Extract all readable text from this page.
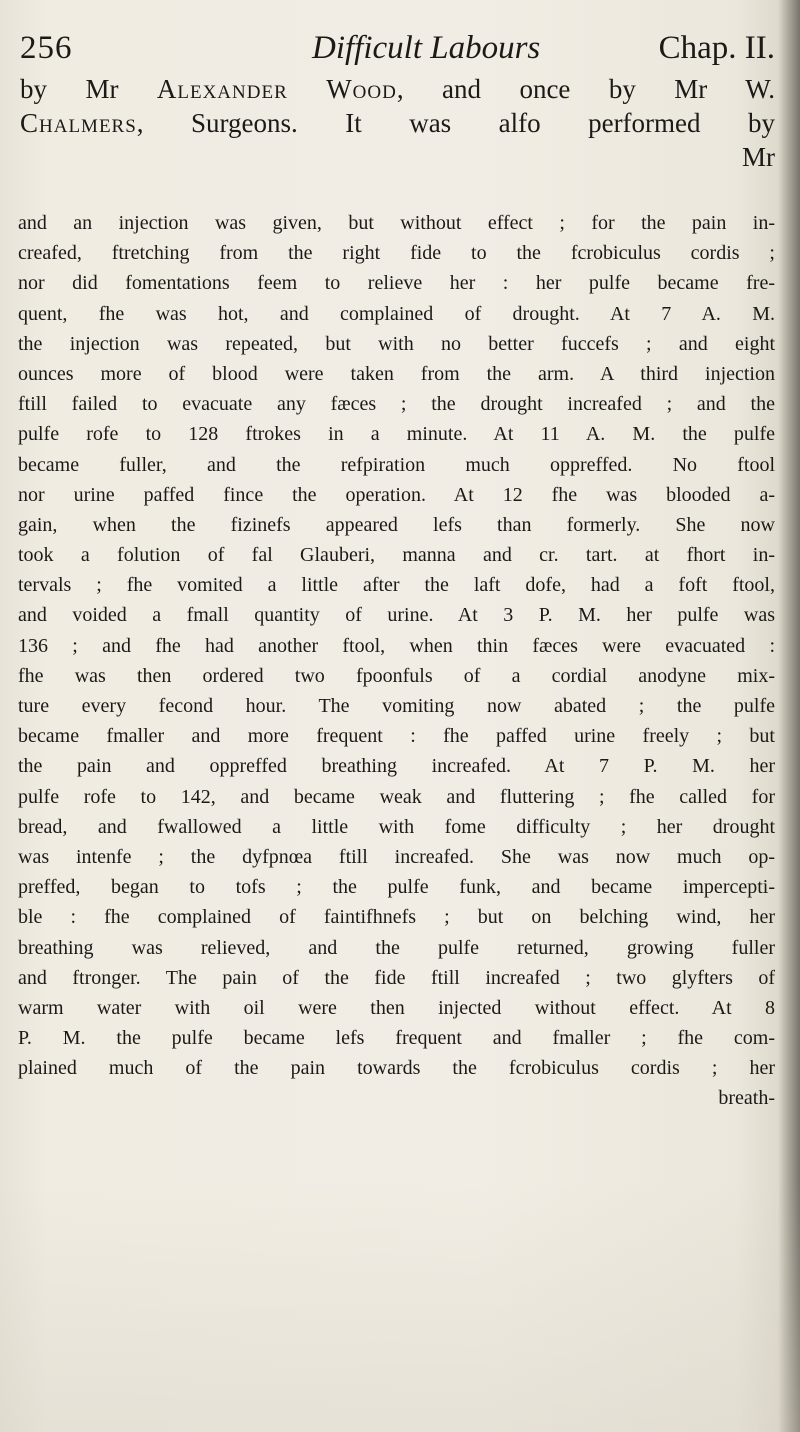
256	Difficult Labours	Chap. II.
by Mr Alexander Wood, and once by Mr W.
Chalmers, Surgeons. It was alfo performed by
Mr
and an injection was given, but without effect ; for the pain in-
creafed, ftretching from the right fide to the fcrobiculus cordis ;
nor did fomentations feem to relieve her : her pulfe became fre-
quent, fhe was hot, and complained of drought. At 7 A. M.
the injection was repeated, but with no better fuccefs ; and eight
ounces more of blood were taken from the arm. A third injection
ftill failed to evacuate any fæces ; the drought increafed ; and the
pulfe rofe to 128 ftrokes in a minute. At 11 A. M. the pulfe
became fuller, and the refpiration much oppreffed. No ftool
nor urine paffed fince the operation. At 12 fhe was blooded a-
gain, when the fizinefs appeared lefs than formerly. She now
took a folution of fal Glauberi, manna and cr. tart. at fhort in-
tervals ; fhe vomited a little after the laft dofe, had a foft ftool,
and voided a fmall quantity of urine. At 3 P. M. her pulfe was
136 ; and fhe had another ftool, when thin fæces were evacuated :
fhe was then ordered two fpoonfuls of a cordial anodyne mix-
ture every fecond hour. The vomiting now abated ; the pulfe
became fmaller and more frequent : fhe paffed urine freely ; but
the pain and oppreffed breathing increafed. At 7 P. M. her
pulfe rofe to 142, and became weak and fluttering ; fhe called for
bread, and fwallowed a little with fome difficulty ; her drought
was intenfe ; the dyfpnœa ftill increafed. She was now much op-
preffed, began to tofs ; the pulfe funk, and became impercepti-
ble : fhe complained of faintifhnefs ; but on belching wind, her
breathing was relieved, and the pulfe returned, growing fuller
and ftronger. The pain of the fide ftill increafed ; two glyfters of
warm water with oil were then injected without effect. At 8
P. M. the pulfe became lefs frequent and fmaller ; fhe com-
plained much of the pain towards the fcrobiculus cordis ; her
breath-
